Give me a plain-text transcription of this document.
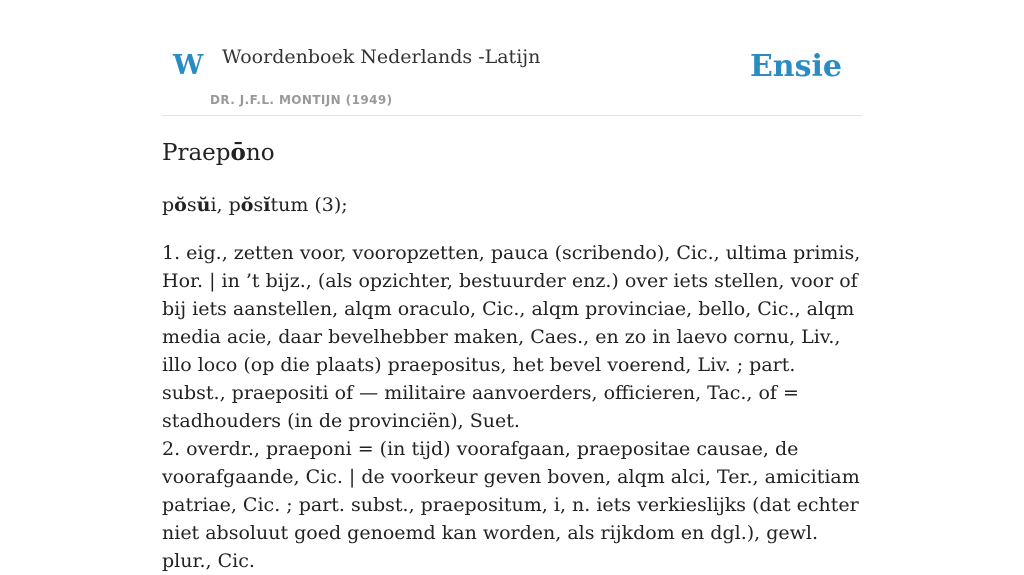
W Woordenboek Nederlands -Latijn
DR. J.F.L. MONTIJN (1949)
Ensie
Praepōno

pŏsŭi, pŏsĭtum (3);

1. eig., zetten voor, vooropzetten, pauca (scribendo), Cic., ultima primis, Hor. | in ’t bijz., (als opzichter, bestuurder enz.) over iets stellen, voor of bij iets aanstellen, alqm oraculo, Cic., alqm provinciae, bello, Cic., alqm media acie, daar bevelhebber maken, Caes., en zo in laevo cornu, Liv., illo loco (op die plaats) praepositus, het bevel voerend, Liv. ; part. subst., praepositi of — militaire aanvoerders, officieren, Tac., of = stadhouders (in de provinciën), Suet.

2. overdr., praeponi = (in tijd) voorafgaan, praepositae causae, de voorafgaande, Cic. | de voorkeur geven boven, alqm alci, Ter., amicitiam patriae, Cic. ; part. subst., praepositum, i, n. iets verkieslijks (dat echter niet absoluut goed genoemd kan worden, als rijkdom en dgl.), gewl. plur., Cic.
